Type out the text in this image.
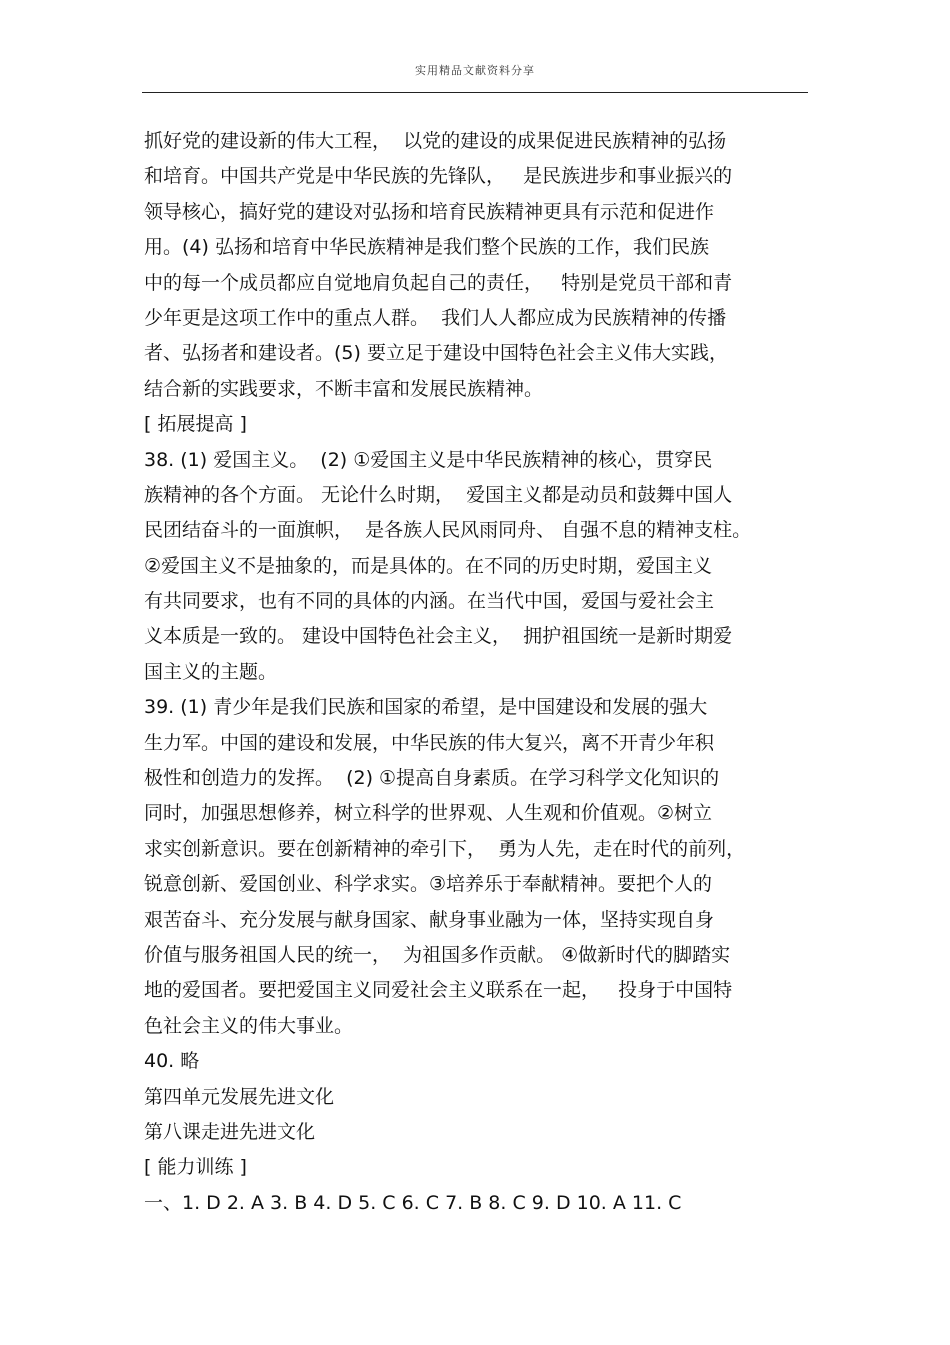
实用精品文献资料分享
抓好党的建设新的伟大工程，  以党的建设的成果促进民族精神的弘扬
和培育。中国共产党是中华民族的先锋队，   是民族进步和事业振兴的
领导核心，搞好党的建设对弘扬和培育民族精神更具有示范和促进作
用。(4) 弘扬和培育中华民族精神是我们整个民族的工作，我们民族
中的每一个成员都应自觉地肩负起自己的责任，   特别是党员干部和青
少年更是这项工作中的重点人群。  我们人人都应成为民族精神的传播
者、弘扬者和建设者。(5) 要立足于建设中国特色社会主义伟大实践，
结合新的实践要求，不断丰富和发展民族精神。
[ 拓展提高 ]
38. (1) 爱国主义。  (2) ①爱国主义是中华民族精神的核心，贯穿民
族精神的各个方面。 无论什么时期，  爱国主义都是动员和鼓舞中国人
民团结奋斗的一面旗帜，  是各族人民风雨同舟、 自强不息的精神支柱。
②爱国主义不是抽象的，而是具体的。在不同的历史时期，爱国主义
有共同要求，也有不同的具体的内涵。在当代中国，爱国与爱社会主
义本质是一致的。 建设中国特色社会主义，  拥护祖国统一是新时期爱
国主义的主题。
39. (1) 青少年是我们民族和国家的希望，是中国建设和发展的强大
生力军。中国的建设和发展，中华民族的伟大复兴，离不开青少年积
极性和创造力的发挥。  (2) ①提高自身素质。在学习科学文化知识的
同时，加强思想修养，树立科学的世界观、人生观和价值观。②树立
求实创新意识。要在创新精神的牵引下，  勇为人先，走在时代的前列，
锐意创新、爱国创业、科学求实。③培养乐于奉献精神。要把个人的
艰苦奋斗、充分发展与献身国家、献身事业融为一体，坚持实现自身
价值与服务祖国人民的统一，  为祖国多作贡献。 ④做新时代的脚踏实
地的爱国者。要把爱国主义同爱社会主义联系在一起，   投身于中国特
色社会主义的伟大事业。
40. 略
第四单元发展先进文化
第八课走进先进文化
[ 能力训练 ]
一、1. D 2. A 3. B 4. D 5. C 6. C 7. B 8. C 9. D 10. A 11. C
